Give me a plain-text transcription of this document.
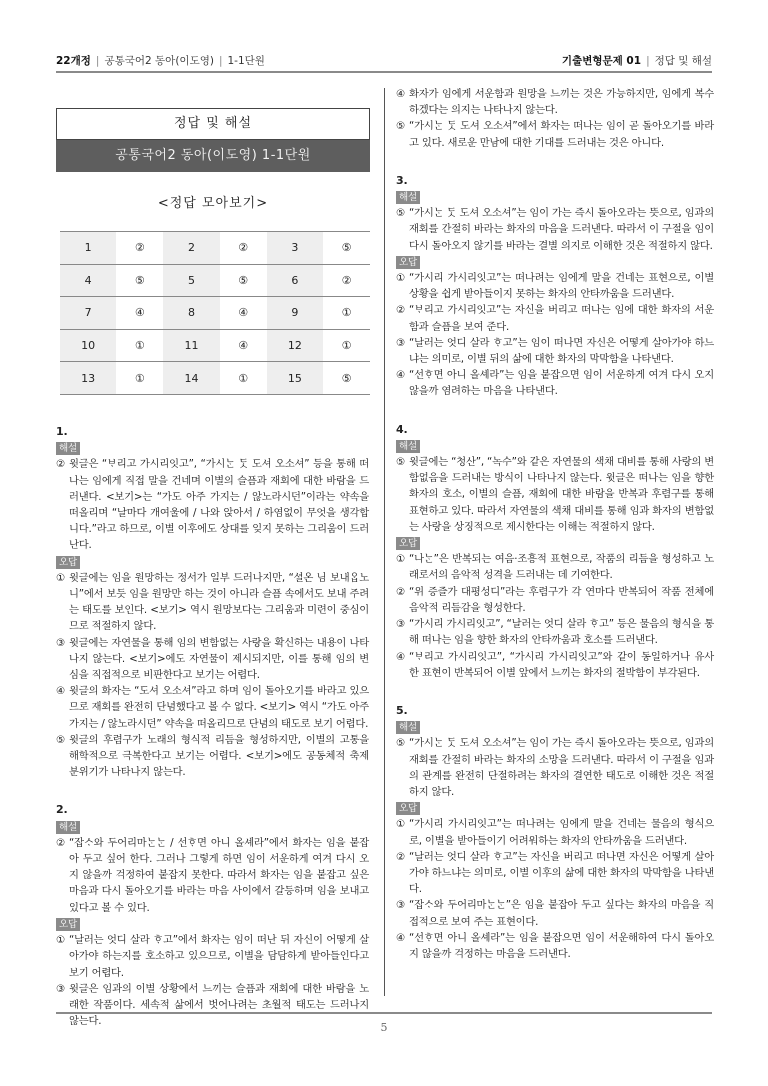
22개정 | 공통국어2 동아(이도영) | 1-1단원	기출변형문제 01 | 정답 및 해설
정답 및 해설
공통국어2 동아(이도영) 1-1단원
<정답 모아보기>
1	②	2	②	3	⑤
4	⑤	5	⑤	6	②
7	④	8	④	9	①
10	①	11	④	12	①
13	①	14	①	15	⑤
1.
해설
② 윗글은 “ᄇᆞ리고 가시리잇고”, “가시ᄂᆞᆫ ᄃᆞᆺ 도셔 오소셔” 등을 통해 떠나는 임에게 직접 말을 건네며 이별의 슬픔과 재회에 대한 바람을 드러낸다. <보기>는 “가도 아주 가지는 / 않노라시던”이라는 약속을 떠올리며 “날마다 개여울에 / 나와 앉아서 / 하염없이 무엇을 생각합니다.”라고 하므로, 이별 이후에도 상대를 잊지 못하는 그리움이 드러난다.
오답
① 윗글에는 임을 원망하는 정서가 일부 드러나지만, “셜온 님 보내ᄋᆞᆸ노니”에서 보듯 임을 원망만 하는 것이 아니라 슬픔 속에서도 보내 주려는 태도를 보인다. <보기> 역시 원망보다는 그리움과 미련이 중심이므로 적절하지 않다.
③ 윗글에는 자연물을 통해 임의 변함없는 사랑을 확신하는 내용이 나타나지 않는다. <보기>에도 자연물이 제시되지만, 이를 통해 임의 변심을 직접적으로 비판한다고 보기는 어렵다.
④ 윗글의 화자는 “도셔 오소셔”라고 하며 임이 돌아오기를 바라고 있으므로 재회를 완전히 단념했다고 볼 수 없다. <보기> 역시 “가도 아주 가지는 / 않노라시던” 약속을 떠올리므로 단념의 태도로 보기 어렵다.
⑤ 윗글의 후렴구가 노래의 형식적 리듬을 형성하지만, 이별의 고통을 해학적으로 극복한다고 보기는 어렵다. <보기>에도 공동체적 축제 분위기가 나타나지 않는다.
2.
해설
② “잡ᄉᆞ와 두어리마ᄂᆞᆫᄂᆞᆫ / 선ᄒᆞ면 아니 올셰라”에서 화자는 임을 붙잡아 두고 싶어 한다. 그러나 그렇게 하면 임이 서운하게 여겨 다시 오지 않을까 걱정하여 붙잡지 못한다. 따라서 화자는 임을 붙잡고 싶은 마음과 다시 돌아오기를 바라는 마음 사이에서 갈등하며 임을 보내고 있다고 볼 수 있다.
오답
① “날러는 엇디 살라 ᄒᆞ고”에서 화자는 임이 떠난 뒤 자신이 어떻게 살아가야 하는지를 호소하고 있으므로, 이별을 담담하게 받아들인다고 보기 어렵다.
③ 윗글은 임과의 이별 상황에서 느끼는 슬픔과 재회에 대한 바람을 노래한 작품이다. 세속적 삶에서 벗어나려는 초월적 태도는 드러나지 않는다.
④ 화자가 임에게 서운함과 원망을 느끼는 것은 가능하지만, 임에게 복수하겠다는 의지는 나타나지 않는다.
⑤ “가시ᄂᆞᆫ ᄃᆞᆺ 도셔 오소셔”에서 화자는 떠나는 임이 곧 돌아오기를 바라고 있다. 새로운 만남에 대한 기대를 드러내는 것은 아니다.
3.
해설
⑤ “가시ᄂᆞᆫ ᄃᆞᆺ 도셔 오소셔”는 임이 가는 즉시 돌아오라는 뜻으로, 임과의 재회를 간절히 바라는 화자의 마음을 드러낸다. 따라서 이 구절을 임이 다시 돌아오지 않기를 바라는 결별 의지로 이해한 것은 적절하지 않다.
오답
① “가시리 가시리잇고”는 떠나려는 임에게 말을 건네는 표현으로, 이별 상황을 쉽게 받아들이지 못하는 화자의 안타까움을 드러낸다.
② “ᄇᆞ리고 가시리잇고”는 자신을 버리고 떠나는 임에 대한 화자의 서운함과 슬픔을 보여 준다.
③ “날러는 엇디 살라 ᄒᆞ고”는 임이 떠나면 자신은 어떻게 살아가야 하느냐는 의미로, 이별 뒤의 삶에 대한 화자의 막막함을 나타낸다.
④ “선ᄒᆞ면 아니 올셰라”는 임을 붙잡으면 임이 서운하게 여겨 다시 오지 않을까 염려하는 마음을 나타낸다.
4.
해설
⑤ 윗글에는 “청산”, “녹수”와 같은 자연물의 색채 대비를 통해 사랑의 변함없음을 드러내는 방식이 나타나지 않는다. 윗글은 떠나는 임을 향한 화자의 호소, 이별의 슬픔, 재회에 대한 바람을 반복과 후렴구를 통해 표현하고 있다. 따라서 자연물의 색채 대비를 통해 임과 화자의 변함없는 사랑을 상징적으로 제시한다는 이해는 적절하지 않다.
오답
① “나ᄂᆞᆫ”은 반복되는 여음·조흥적 표현으로, 작품의 리듬을 형성하고 노래로서의 음악적 성격을 드러내는 데 기여한다.
② “위 증즐가 대평성디”라는 후렴구가 각 연마다 반복되어 작품 전체에 음악적 리듬감을 형성한다.
③ “가시리 가시리잇고”, “날러는 엇디 살라 ᄒᆞ고” 등은 물음의 형식을 통해 떠나는 임을 향한 화자의 안타까움과 호소를 드러낸다.
④ “ᄇᆞ리고 가시리잇고”, “가시리 가시리잇고”와 같이 동일하거나 유사한 표현이 반복되어 이별 앞에서 느끼는 화자의 절박함이 부각된다.
5.
해설
⑤ “가시ᄂᆞᆫ ᄃᆞᆺ 도셔 오소셔”는 임이 가는 즉시 돌아오라는 뜻으로, 임과의 재회를 간절히 바라는 화자의 소망을 드러낸다. 따라서 이 구절을 임과의 관계를 완전히 단절하려는 화자의 결연한 태도로 이해한 것은 적절하지 않다.
오답
① “가시리 가시리잇고”는 떠나려는 임에게 말을 건네는 물음의 형식으로, 이별을 받아들이기 어려워하는 화자의 안타까움을 드러낸다.
② “날러는 엇디 살라 ᄒᆞ고”는 자신을 버리고 떠나면 자신은 어떻게 살아가야 하느냐는 의미로, 이별 이후의 삶에 대한 화자의 막막함을 나타낸다.
③ “잡ᄉᆞ와 두어리마ᄂᆞᆫᄂᆞᆫ”은 임을 붙잡아 두고 싶다는 화자의 마음을 직접적으로 보여 주는 표현이다.
④ “선ᄒᆞ면 아니 올셰라”는 임을 붙잡으면 임이 서운해하여 다시 돌아오지 않을까 걱정하는 마음을 드러낸다.
5
